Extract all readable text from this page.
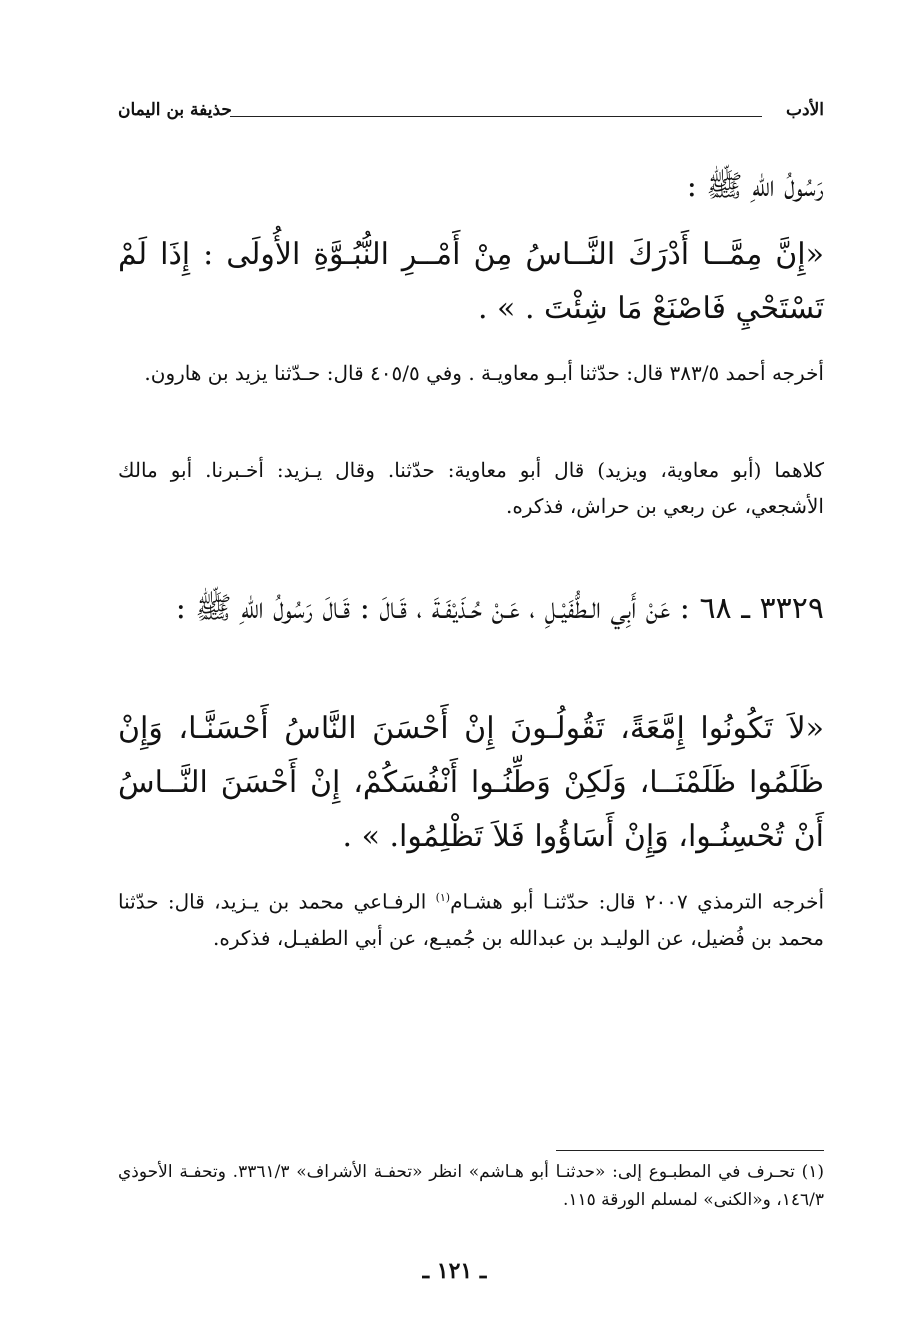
الأدب
حذيفة بن اليمان
رَسُولُ اللّٰهِ ﷺ :
«إِنَّ مِمَّــا أَدْرَكَ النَّــاسُ مِنْ أَمْــرِ النُّبُـوَّةِ الأُولَى : إِذَا لَمْ تَسْتَحْيِ فَاصْنَعْ مَا شِئْتَ . » .
أخرجه أحمد ٣٨٣/٥ قال: حدّثنا أبـو معاويـة . وفي ٤٠٥/٥ قال: حـدّثنا يزيد بن هارون.
كلاهما (أبو معاوية، ويزيد) قال أبو معاوية: حدّثنا. وقال يـزيد: أخـبرنا. أبو مالك الأشجعي، عن ربعي بن حراش، فذكره.
٣٣٢٩ ـ ٦٨ : عَنْ أَبِي الـطُّفَيْـلِ ، عَـنْ حُـذَيْفَـةَ ، قَـالَ : قَـالَ رَسُولُ اللّٰهِ ﷺ :
«لاَ تَكُونُوا إِمَّعَةً، تَقُولُـونَ إِنْ أَحْسَنَ النَّاسُ أَحْسَنَّـا، وَإِنْ ظَلَمُوا ظَلَمْنَــا، وَلَكِنْ وَطِّنُـوا أَنْفُسَكُمْ، إِنْ أَحْسَنَ النَّــاسُ أَنْ تُحْسِنُـوا، وَإِنْ أَسَاؤُوا فَلاَ تَظْلِمُوا. » .
أخرجه الترمذي ٢٠٠٧ قال: حدّثنـا أبو هشـام$^{(١)}$ الرفـاعي محمد بن يـزيد، قال: حدّثنا محمد بن فُضيل، عن الوليـد بن عبدالله بن جُميـع، عن أبي الطفيـل، فذكره.
(١) تحـرف في المطبـوع إلى: «حدثنـا أبو هـاشم» انظر «تحفـة الأشراف» ٣٣٦١/٣. وتحفـة الأحوذي ١٤٦/٣، و«الكنى» لمسلم الورقة ١١٥.
ـ ١٢١ ـ
